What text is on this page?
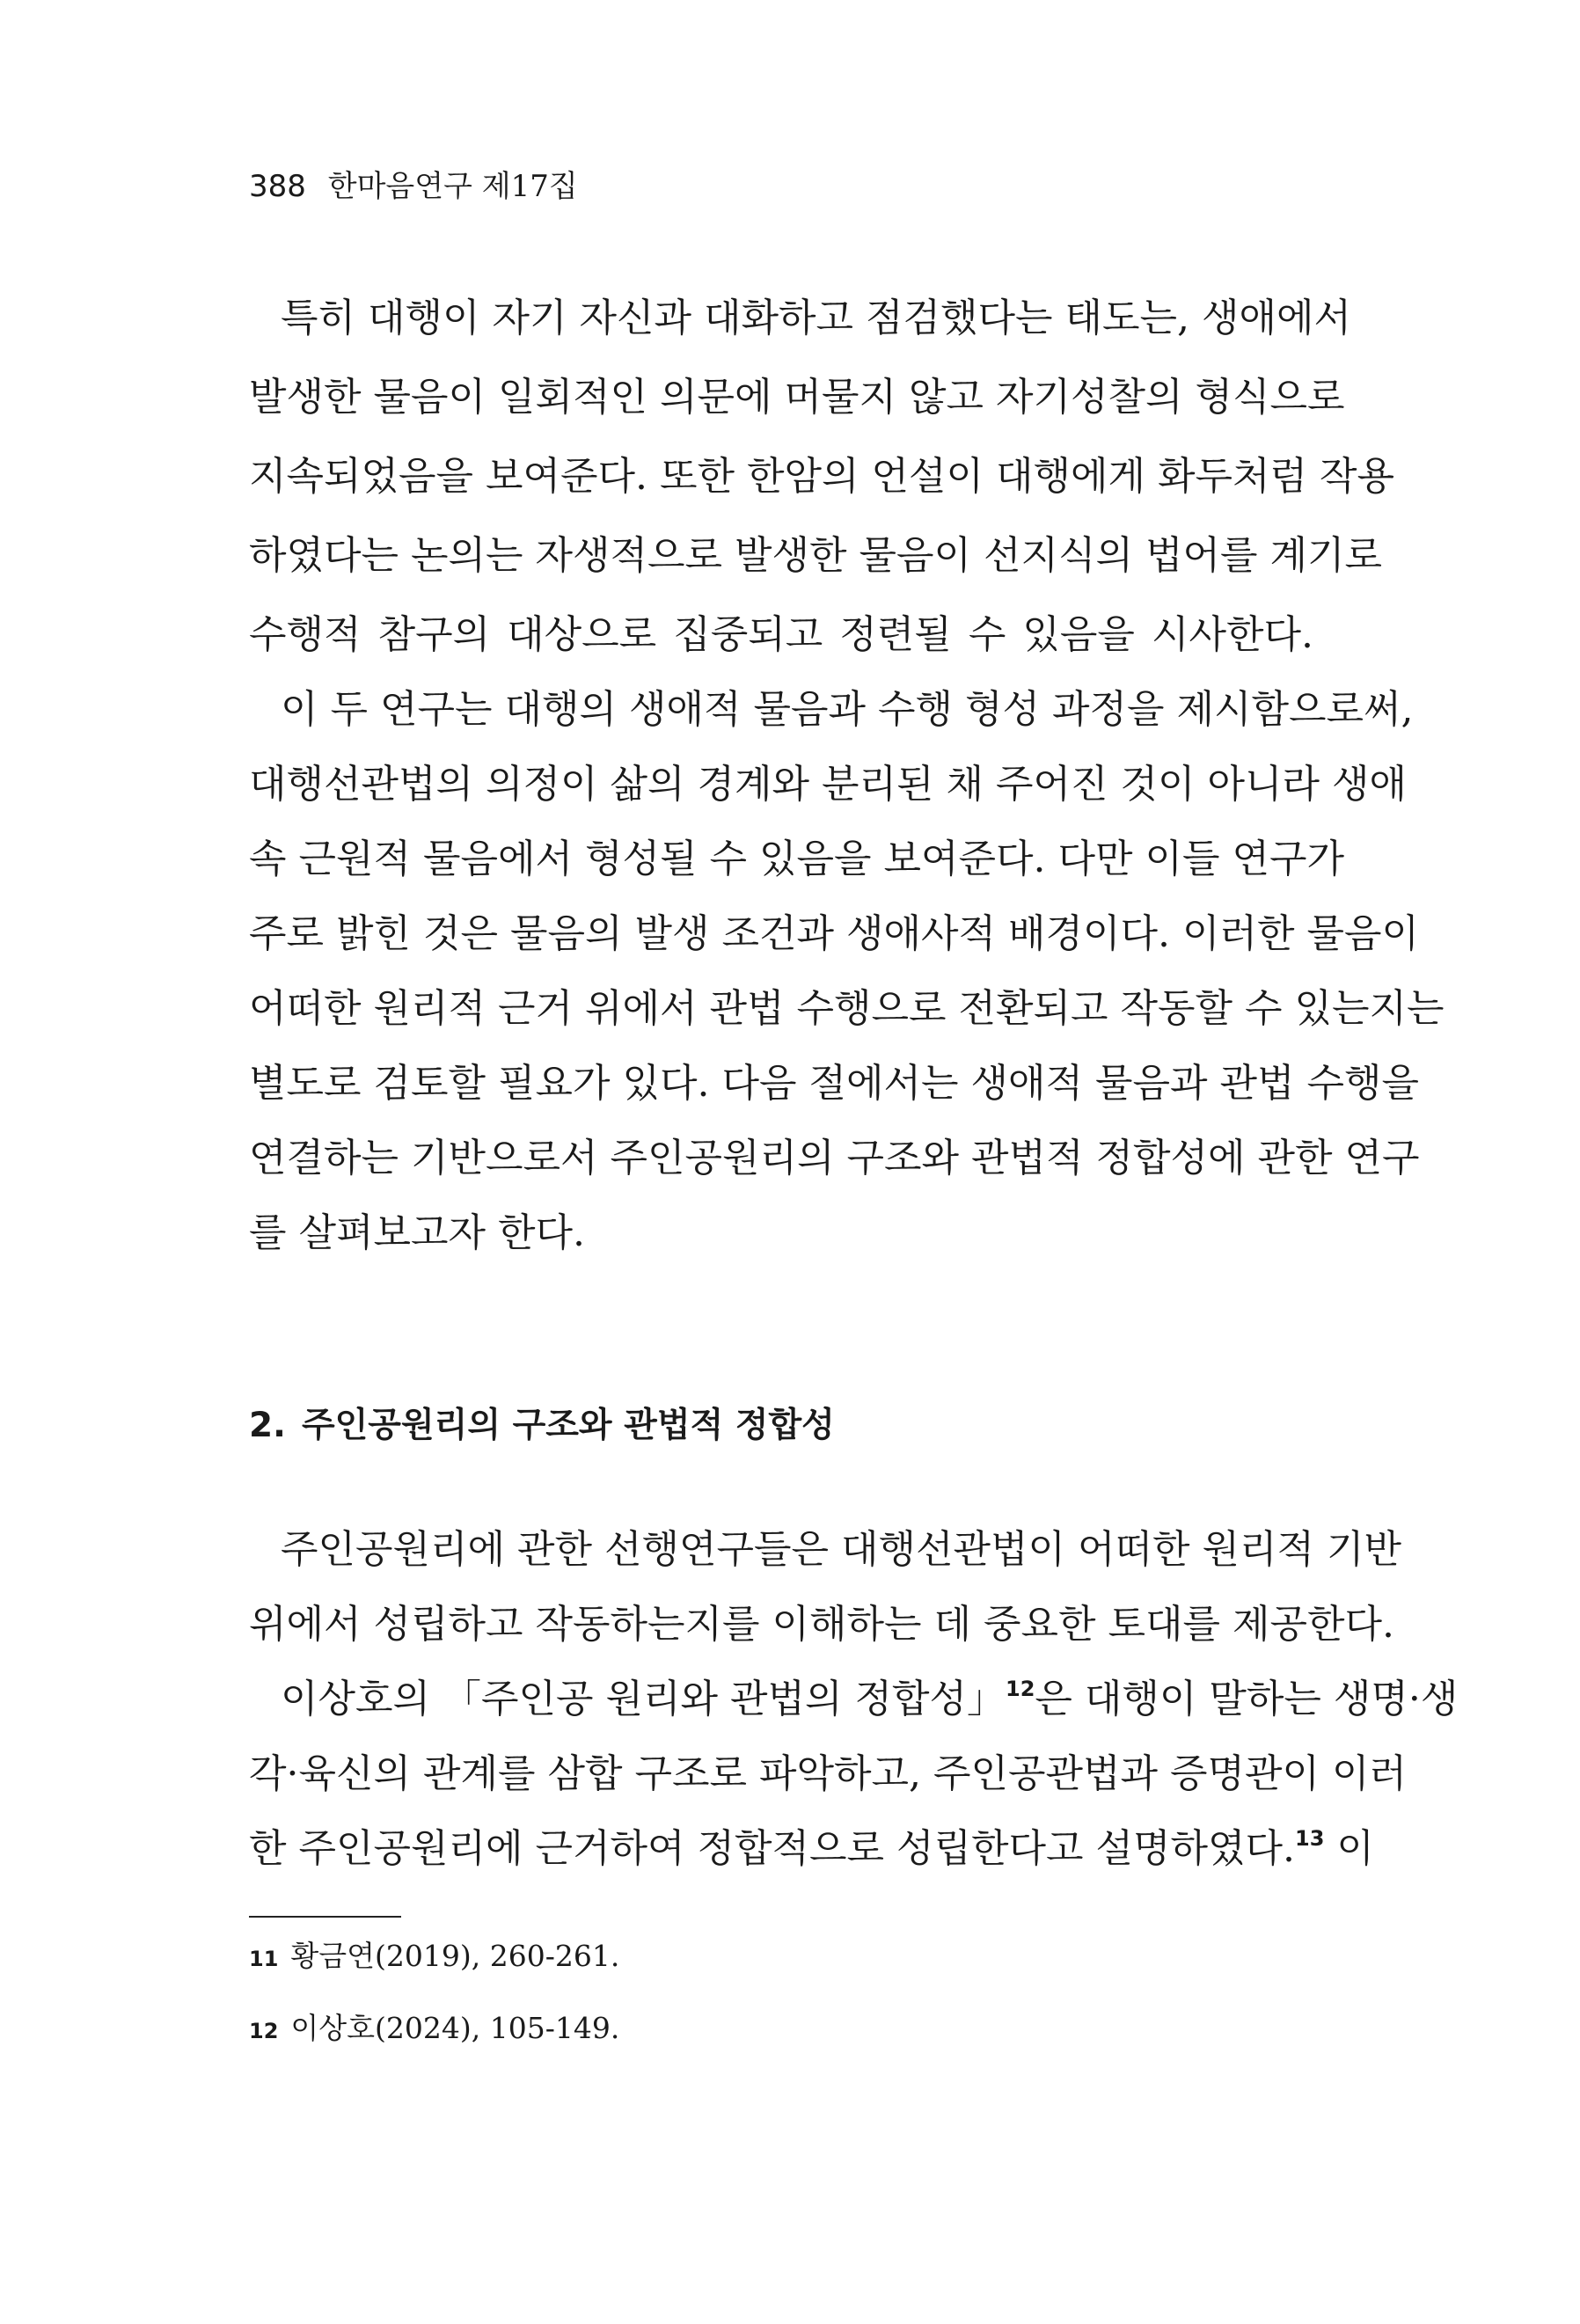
388 한마음연구 제17집
특히 대행이 자기 자신과 대화하고 점검했다는 태도는, 생애에서
발생한 물음이 일회적인 의문에 머물지 않고 자기성찰의 형식으로
지속되었음을 보여준다. 또한 한암의 언설이 대행에게 화두처럼 작용
하였다는 논의는 자생적으로 발생한 물음이 선지식의 법어를 계기로
수행적 참구의 대상으로 집중되고 정련될 수 있음을 시사한다.
이 두 연구는 대행의 생애적 물음과 수행 형성 과정을 제시함으로써,
대행선관법의 의정이 삶의 경계와 분리된 채 주어진 것이 아니라 생애
속 근원적 물음에서 형성될 수 있음을 보여준다. 다만 이들 연구가
주로 밝힌 것은 물음의 발생 조건과 생애사적 배경이다. 이러한 물음이
어떠한 원리적 근거 위에서 관법 수행으로 전환되고 작동할 수 있는지는
별도로 검토할 필요가 있다. 다음 절에서는 생애적 물음과 관법 수행을
연결하는 기반으로서 주인공원리의 구조와 관법적 정합성에 관한 연구
를 살펴보고자 한다.
2. 주인공원리의 구조와 관법적 정합성
주인공원리에 관한 선행연구들은 대행선관법이 어떠한 원리적 기반
위에서 성립하고 작동하는지를 이해하는 데 중요한 토대를 제공한다.
이상호의 「주인공 원리와 관법의 정합성」$^{12}$은 대행이 말하는 생명·생
각·육신의 관계를 삼합 구조로 파악하고, 주인공관법과 증명관이 이러
한 주인공원리에 근거하여 정합적으로 성립한다고 설명하였다.$^{13}$ 이
11 황금연(2019), 260-261.
12 이상호(2024), 105-149.
